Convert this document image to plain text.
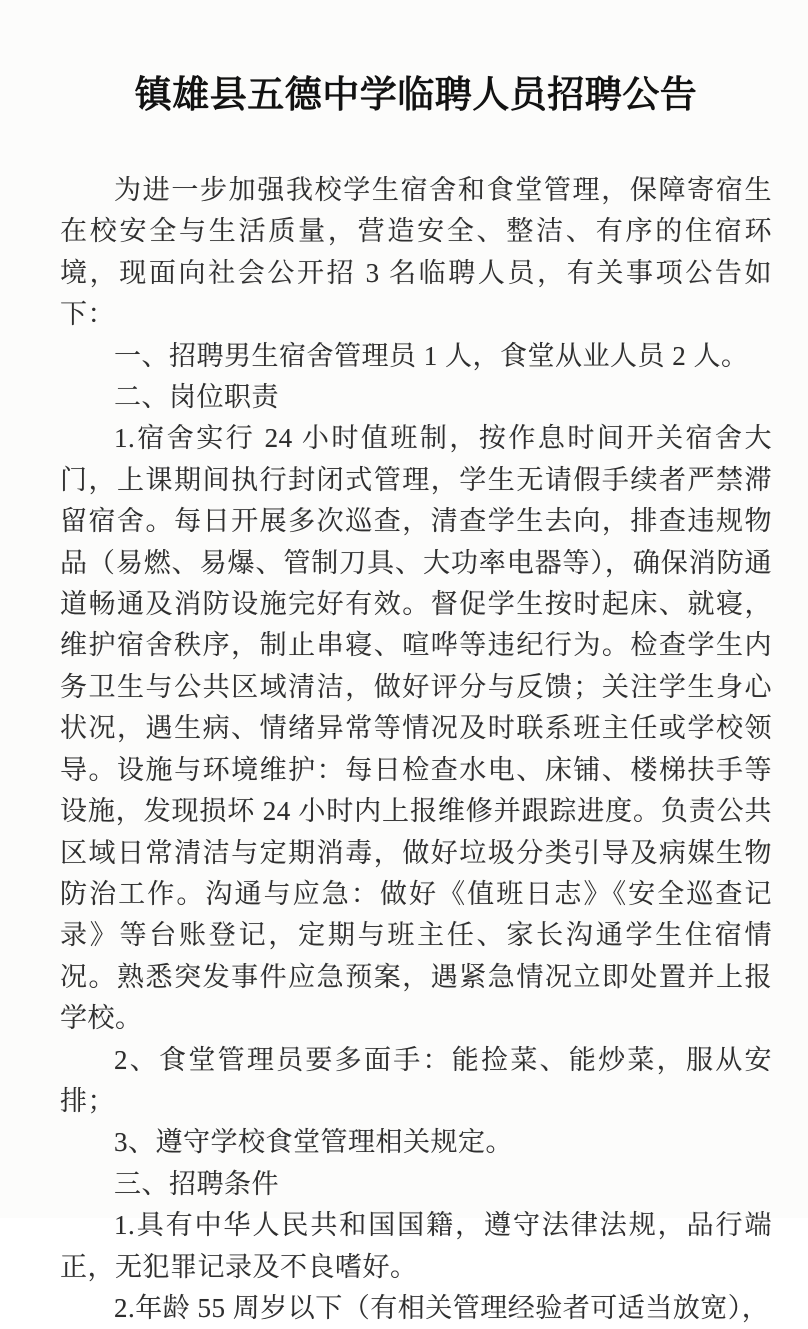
镇雄县五德中学临聘人员招聘公告

为进一步加强我校学生宿舍和食堂管理，保障寄宿生在校安全与生活质量，营造安全、整洁、有序的住宿环境，现面向社会公开招 3 名临聘人员，有关事项公告如下：

一、招聘男生宿舍管理员 1 人，食堂从业人员 2 人。

二、岗位职责

1.宿舍实行 24 小时值班制，按作息时间开关宿舍大门，上课期间执行封闭式管理，学生无请假手续者严禁滞留宿舍。每日开展多次巡查，清查学生去向，排查违规物品（易燃、易爆、管制刀具、大功率电器等），确保消防通道畅通及消防设施完好有效。督促学生按时起床、就寝，维护宿舍秩序，制止串寝、喧哗等违纪行为。检查学生内务卫生与公共区域清洁，做好评分与反馈；关注学生身心状况，遇生病、情绪异常等情况及时联系班主任或学校领导。设施与环境维护：每日检查水电、床铺、楼梯扶手等设施，发现损坏 24 小时内上报维修并跟踪进度。负责公共区域日常清洁与定期消毒，做好垃圾分类引导及病媒生物防治工作。沟通与应急：做好《值班日志》《安全巡查记录》等台账登记，定期与班主任、家长沟通学生住宿情况。熟悉突发事件应急预案，遇紧急情况立即处置并上报学校。

2、食堂管理员要多面手：能捡菜、能炒菜，服从安排；

3、遵守学校食堂管理相关规定。

三、招聘条件

1.具有中华人民共和国国籍，遵守法律法规，品行端正，无犯罪记录及不良嗜好。

2.年龄 55 周岁以下（有相关管理经验者可适当放宽），
